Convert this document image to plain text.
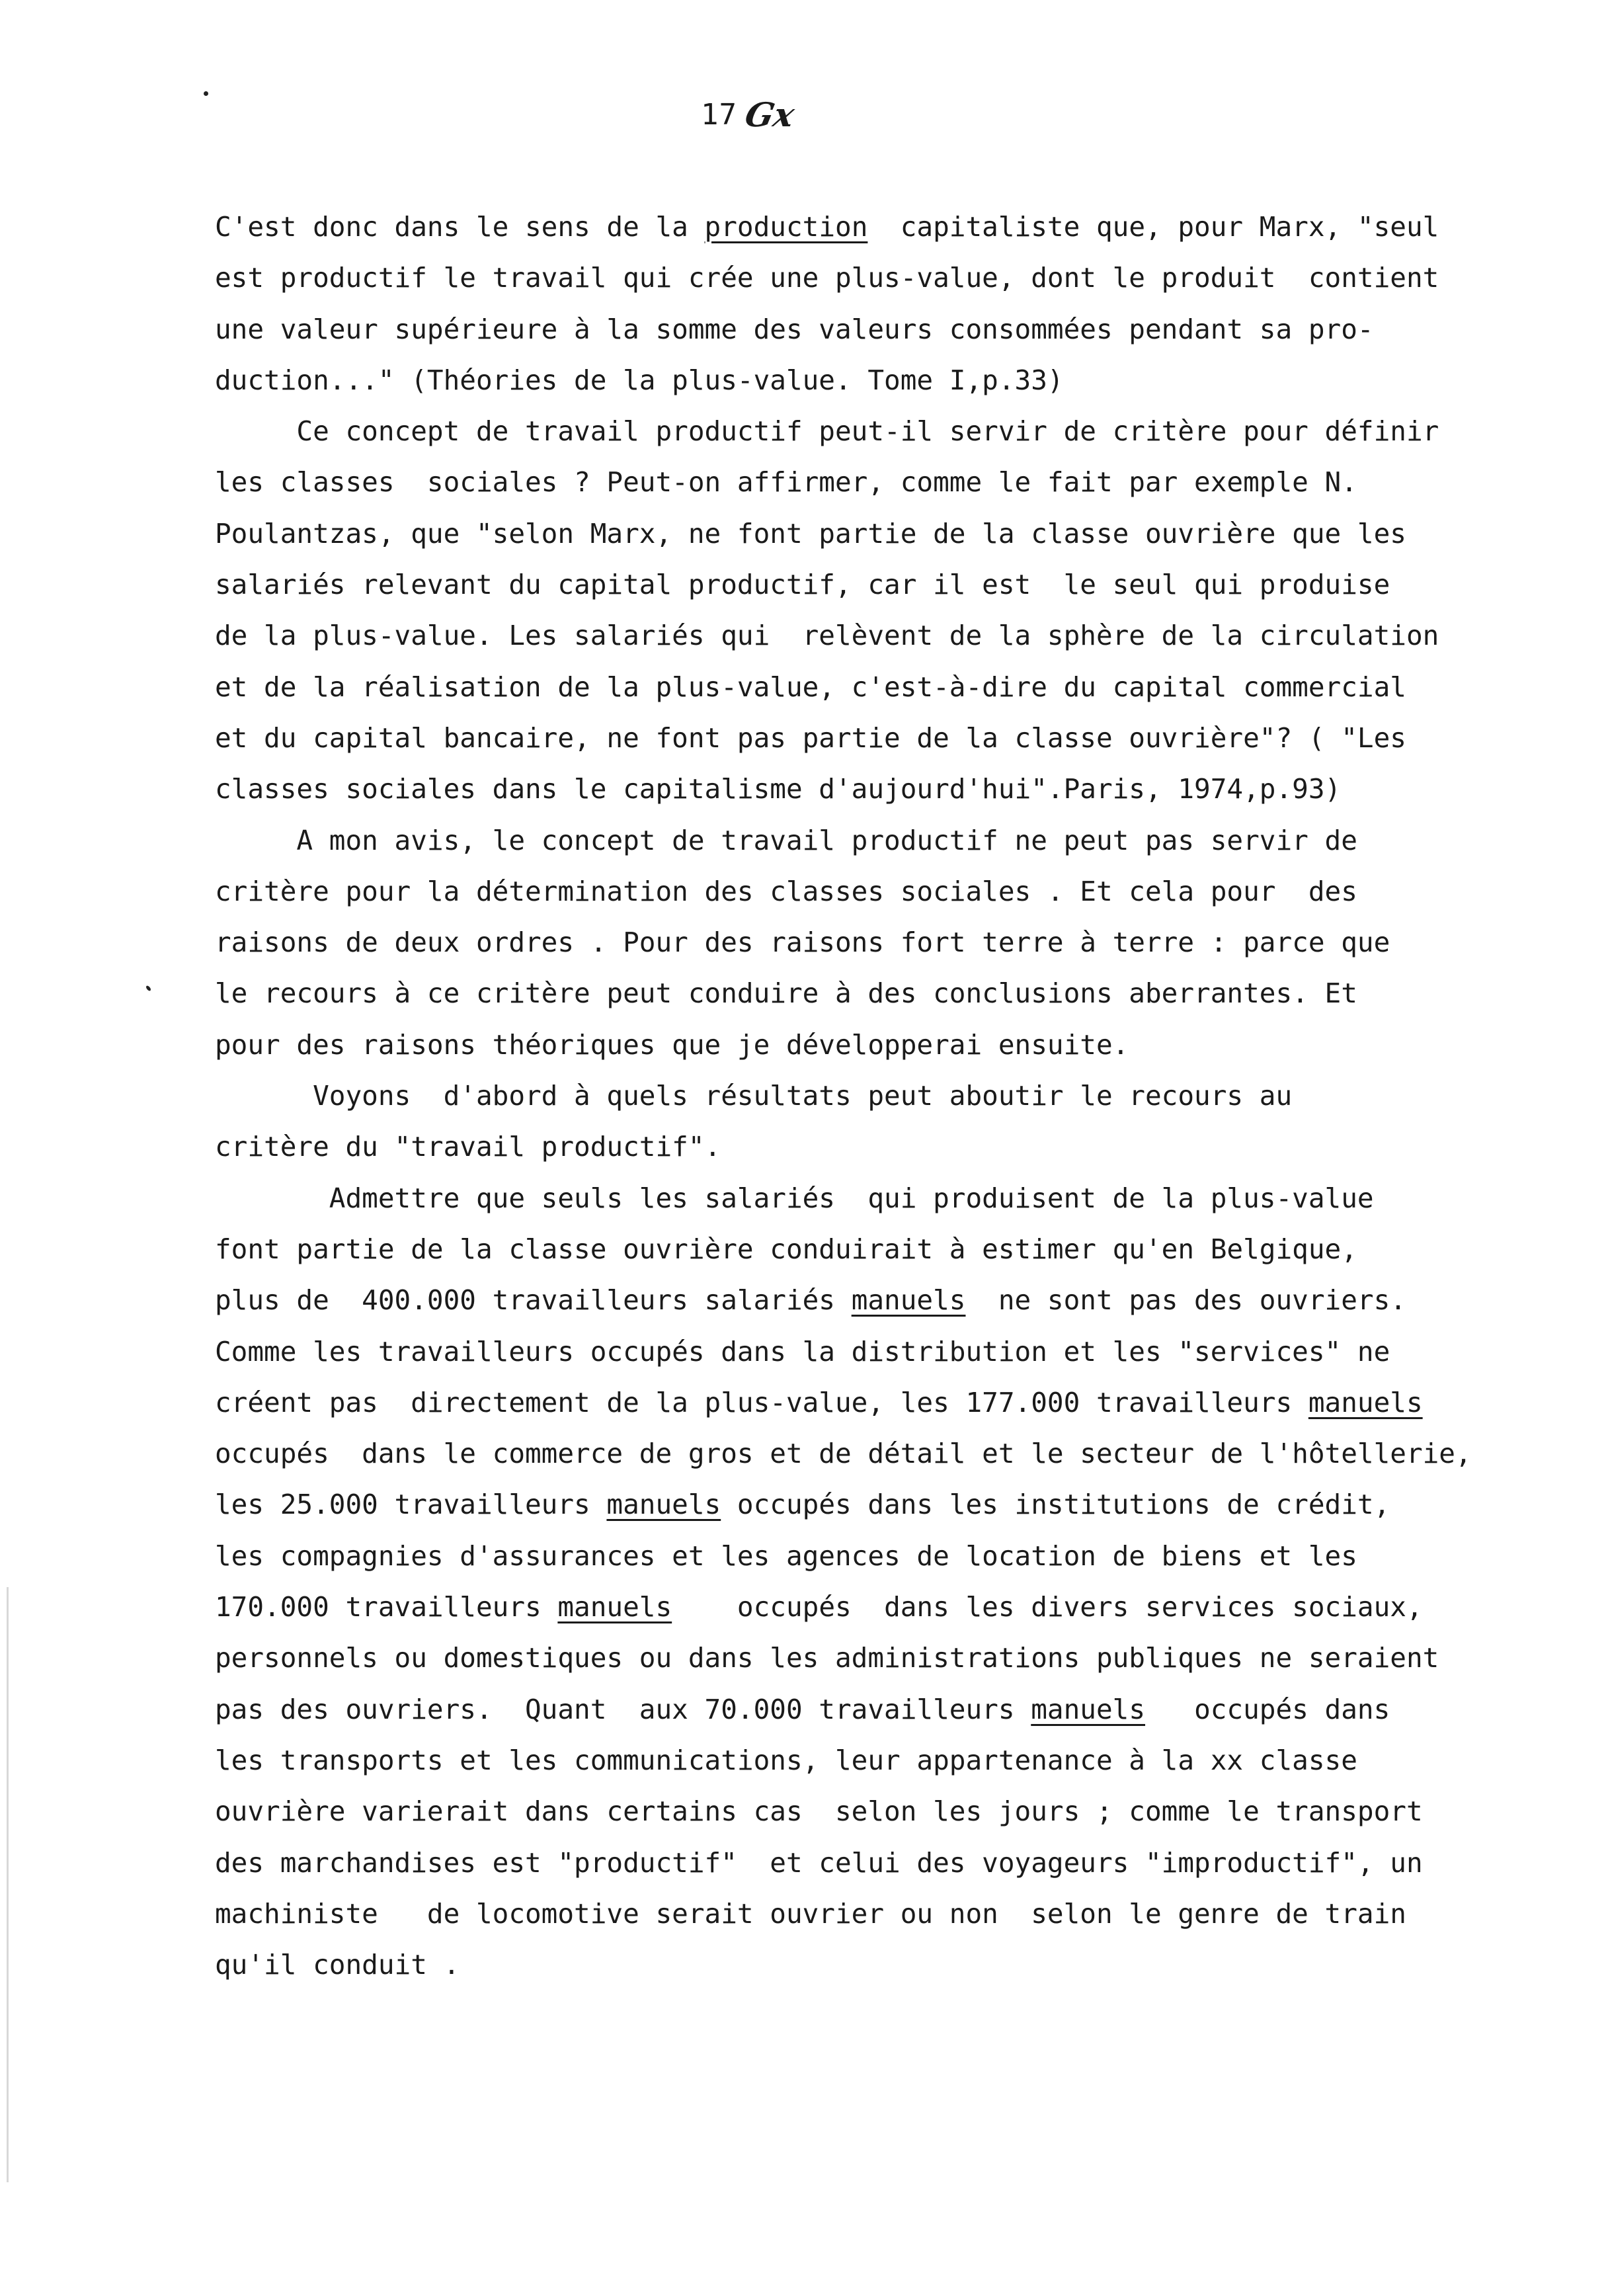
17 Gx
C'est donc dans le sens de la production  capitaliste que, pour Marx, "seul
est productif le travail qui crée une plus-value, dont le produit  contient
une valeur supérieure à la somme des valeurs consommées pendant sa pro-
duction..." (Théories de la plus-value. Tome I,p.33)
Ce concept de travail productif peut-il servir de critère pour définir
les classes  sociales ? Peut-on affirmer, comme le fait par exemple N.
Poulantzas, que "selon Marx, ne font partie de la classe ouvrière que les
salariés relevant du capital productif, car il est  le seul qui produise
de la plus-value. Les salariés qui  relèvent de la sphère de la circulation
et de la réalisation de la plus-value, c'est-à-dire du capital commercial
et du capital bancaire, ne font pas partie de la classe ouvrière"? ( "Les
classes sociales dans le capitalisme d'aujourd'hui".Paris, 1974,p.93)
A mon avis, le concept de travail productif ne peut pas servir de
critère pour la détermination des classes sociales . Et cela pour  des
raisons de deux ordres . Pour des raisons fort terre à terre : parce que
le recours à ce critère peut conduire à des conclusions aberrantes. Et
pour des raisons théoriques que je développerai ensuite.
Voyons  d'abord à quels résultats peut aboutir le recours au
critère du "travail productif".
Admettre que seuls les salariés  qui produisent de la plus-value
font partie de la classe ouvrière conduirait à estimer qu'en Belgique,
plus de  400.000 travailleurs salariés manuels  ne sont pas des ouvriers.
Comme les travailleurs occupés dans la distribution et les "services" ne
créent pas  directement de la plus-value, les 177.000 travailleurs manuels
occupés  dans le commerce de gros et de détail et le secteur de l'hôtellerie,
les 25.000 travailleurs manuels occupés dans les institutions de crédit,
les compagnies d'assurances et les agences de location de biens et les
170.000 travailleurs manuels    occupés  dans les divers services sociaux,
personnels ou domestiques ou dans les administrations publiques ne seraient
pas des ouvriers.  Quant  aux 70.000 travailleurs manuels   occupés dans
les transports et les communications, leur appartenance à la xx classe
ouvrière varierait dans certains cas  selon les jours ; comme le transport
des marchandises est "productif"  et celui des voyageurs "improductif", un
machiniste   de locomotive serait ouvrier ou non  selon le genre de train
qu'il conduit .
